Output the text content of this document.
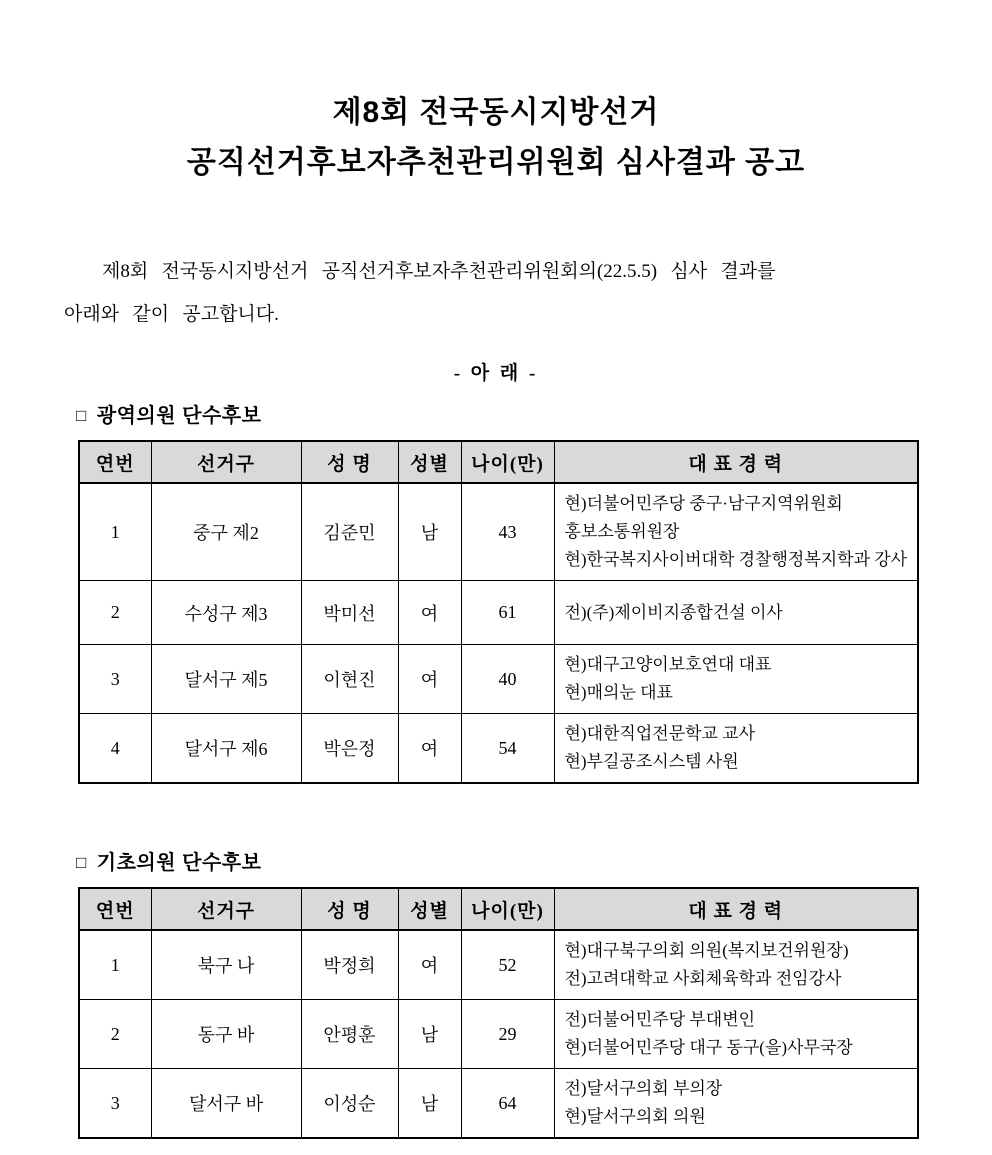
제8회 전국동시지방선거
공직선거후보자추천관리위원회 심사결과 공고

제8회 전국동시지방선거 공직선거후보자추천관리위원회의(22.5.5) 심사 결과를
아래와 같이 공고합니다.

- 아 래 -
□ 광역의원 단수후보
연번	선거구	성 명	성별	나이(만)	대 표 경 력
1	중구 제2	김준민	남	43	현)더불어민주당 중구·남구지역위원회
홍보소통위원장
현)한국복지사이버대학 경찰행정복지학과 강사

2	수성구 제3	박미선	여	61	전)(주)제이비지종합건설 이사

3	달서구 제5	이현진	여	40	현)대구고양이보호연대 대표
현)매의눈 대표

4	달서구 제6	박은정	여	54	현)대한직업전문학교 교사
현)부길공조시스템 사원
□ 기초의원 단수후보
연번	선거구	성 명	성별	나이(만)	대 표 경 력
1	북구 나	박정희	여	52	현)대구북구의회 의원(복지보건위원장)
전)고려대학교 사회체육학과 전임강사

2	동구 바	안평훈	남	29	전)더불어민주당 부대변인
현)더불어민주당 대구 동구(을)사무국장

3	달서구 바	이성순	남	64	전)달서구의회 부의장
현)달서구의회 의원
